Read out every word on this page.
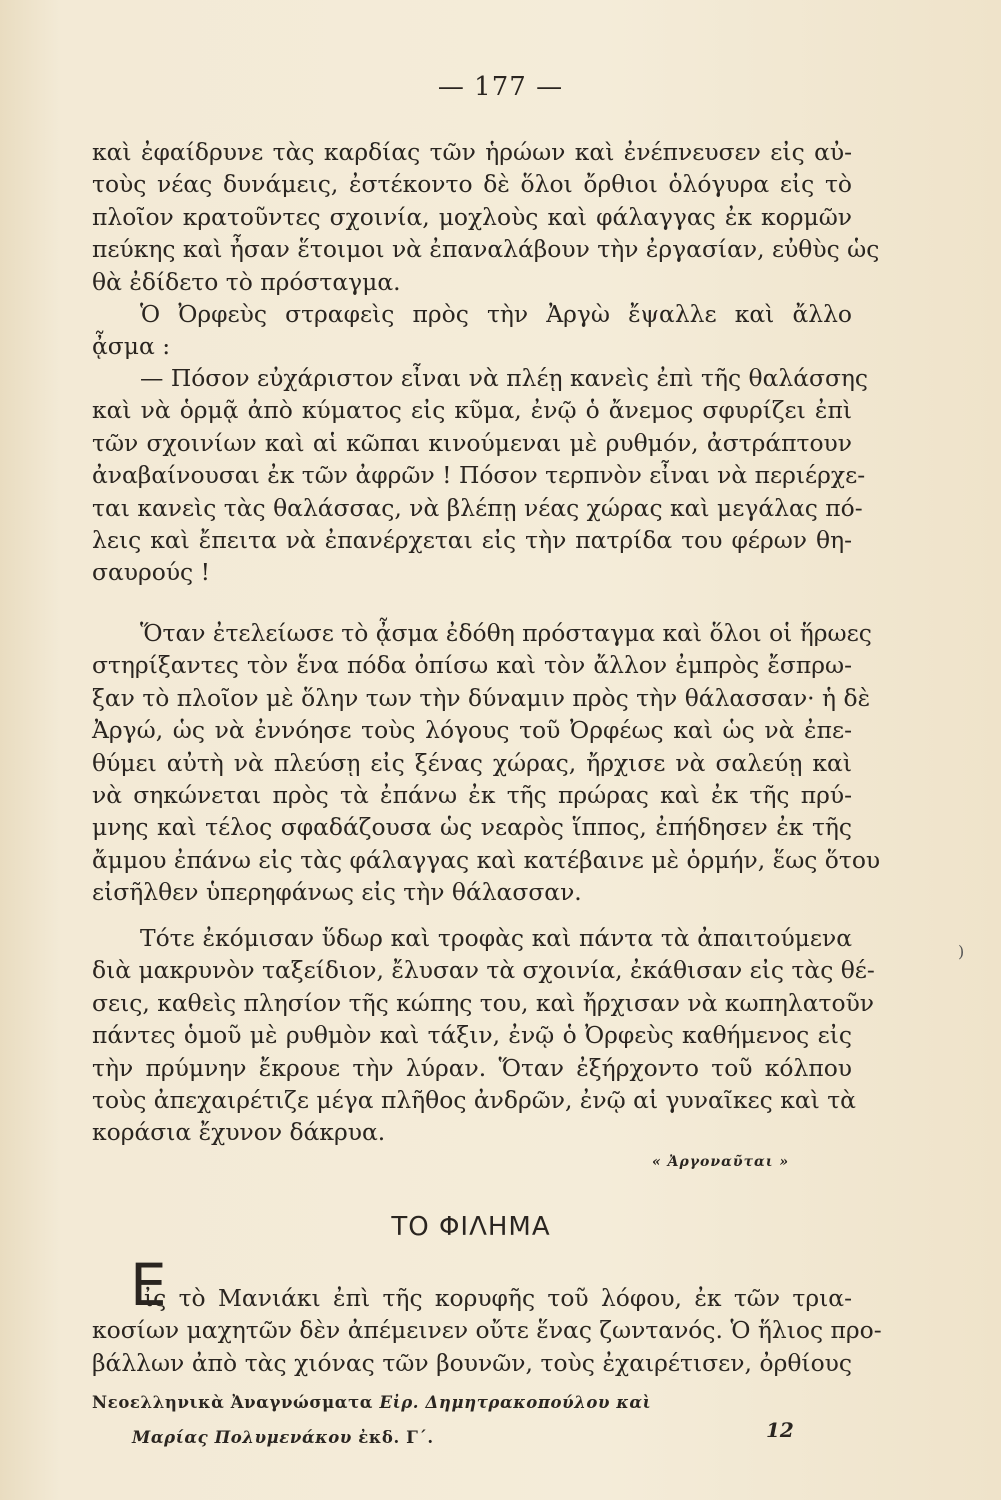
— 177 —
καὶ ἐφαίδρυνε τὰς καρδίας τῶν ἡρώων καὶ ἐνέπνευσεν εἰς αὐ-
τοὺς νέας δυνάμεις, ἐστέκοντο δὲ ὅλοι ὄρθιοι ὁλόγυρα εἰς τὸ
πλοῖον κρατοῦντες σχοινία, μοχλοὺς καὶ φάλαγγας ἐκ κορμῶν
πεύκης καὶ ἦσαν ἕτοιμοι νὰ ἐπαναλάβουν τὴν ἐργασίαν, εὐθὺς ὡς
θὰ ἐδίδετο τὸ πρόσταγμα.
Ὁ Ὀρφεὺς στραφεὶς πρὸς τὴν Ἀργὼ ἔψαλλε καὶ ἄλλο
ᾆσμα :
— Πόσον εὐχάριστον εἶναι νὰ πλέῃ κανεὶς ἐπὶ τῆς θαλάσσης
καὶ νὰ ὁρμᾷ ἀπὸ κύματος εἰς κῦμα, ἐνῷ ὁ ἄνεμος σφυρίζει ἐπὶ
τῶν σχοινίων καὶ αἱ κῶπαι κινούμεναι μὲ ρυθμόν, ἀστράπτουν
ἀναβαίνουσαι ἐκ τῶν ἀφρῶν ! Πόσον τερπνὸν εἶναι νὰ περιέρχε-
ται κανεὶς τὰς θαλάσσας, νὰ βλέπῃ νέας χώρας καὶ μεγάλας πό-
λεις καὶ ἔπειτα νὰ ἐπανέρχεται εἰς τὴν πατρίδα του φέρων θη-
σαυρούς !
Ὅταν ἐτελείωσε τὸ ᾆσμα ἐδόθη πρόσταγμα καὶ ὅλοι οἱ ἥρωες
στηρίξαντες τὸν ἕνα πόδα ὀπίσω καὶ τὸν ἄλλον ἐμπρὸς ἔσπρω-
ξαν τὸ πλοῖον μὲ ὅλην των τὴν δύναμιν πρὸς τὴν θάλασσαν· ἡ δὲ
Ἀργώ, ὡς νὰ ἐννόησε τοὺς λόγους τοῦ Ὀρφέως καὶ ὡς νὰ ἐπε-
θύμει αὐτὴ νὰ πλεύσῃ εἰς ξένας χώρας, ἤρχισε νὰ σαλεύῃ καὶ
νὰ σηκώνεται πρὸς τὰ ἐπάνω ἐκ τῆς πρώρας καὶ ἐκ τῆς πρύ-
μνης καὶ τέλος σφαδάζουσα ὡς νεαρὸς ἵππος, ἐπήδησεν ἐκ τῆς
ἄμμου ἐπάνω εἰς τὰς φάλαγγας καὶ κατέβαινε μὲ ὁρμήν, ἕως ὅτου
εἰσῆλθεν ὑπερηφάνως εἰς τὴν θάλασσαν.
Τότε ἐκόμισαν ὕδωρ καὶ τροφὰς καὶ πάντα τὰ ἀπαιτούμενα
διὰ μακρυνὸν ταξείδιον, ἔλυσαν τὰ σχοινία, ἐκάθισαν εἰς τὰς θέ-
σεις, καθεὶς πλησίον τῆς κώπης του, καὶ ἤρχισαν νὰ κωπηλατοῦν
πάντες ὁμοῦ μὲ ρυθμὸν καὶ τάξιν, ἐνῷ ὁ Ὀρφεὺς καθήμενος εἰς
τὴν πρύμνην ἔκρουε τὴν λύραν. Ὅταν ἐξήρχοντο τοῦ κόλπου
τοὺς ἀπεχαιρέτιζε μέγα πλῆθος ἀνδρῶν, ἐνῷ αἱ γυναῖκες καὶ τὰ
κοράσια ἔχυνον δάκρυα.
« Ἀργοναῦται »
ΤΟ ΦΙΛΗΜΑ
Ε
ἰς τὸ Μανιάκι ἐπὶ τῆς κορυφῆς τοῦ λόφου, ἐκ τῶν τρια-
κοσίων μαχητῶν δὲν ἀπέμεινεν οὔτε ἕνας ζωντανός. Ὁ ἥλιος προ-
βάλλων ἀπὸ τὰς χιόνας τῶν βουνῶν, τοὺς ἐχαιρέτισεν, ὀρθίους
Νεοελληνικὰ Ἀναγνώσματα Εἰρ. Δημητρακοπούλου καὶ
Μαρίας Πολυμενάκου ἐκδ. Γ΄.	12
)
